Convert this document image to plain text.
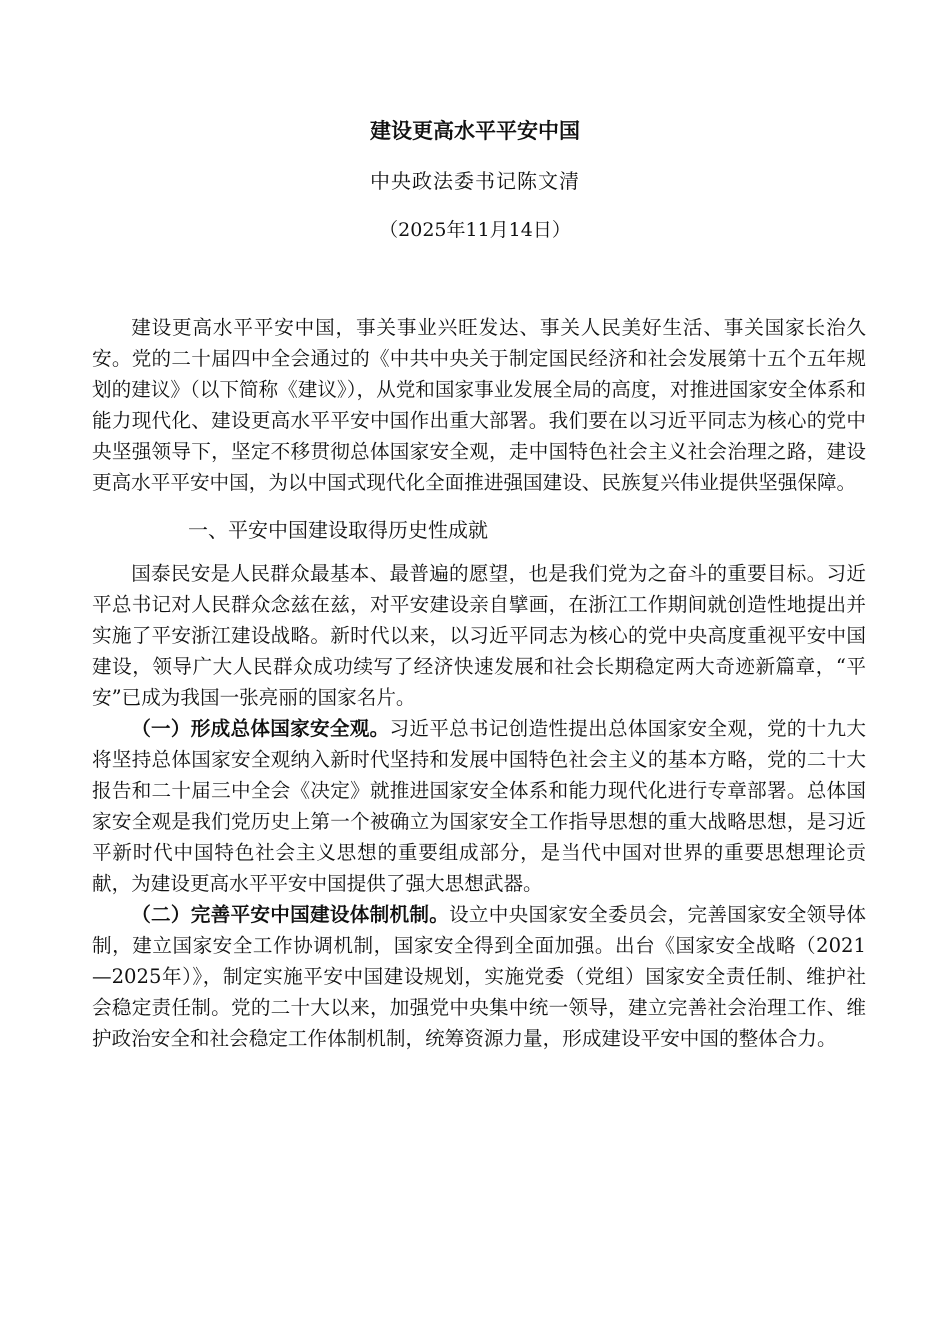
建设更高水平平安中国
中央政法委书记陈文清
（2025年11月14日）

建设更高水平平安中国，事关事业兴旺发达、事关人民美好生活、事关国家长治久安。党的二十届四中全会通过的《中共中央关于制定国民经济和社会发展第十五个五年规划的建议》（以下简称《建议》），从党和国家事业发展全局的高度，对推进国家安全体系和能力现代化、建设更高水平平安中国作出重大部署。我们要在以习近平同志为核心的党中央坚强领导下，坚定不移贯彻总体国家安全观，走中国特色社会主义社会治理之路，建设更高水平平安中国，为以中国式现代化全面推进强国建设、民族复兴伟业提供坚强保障。

一、平安中国建设取得历史性成就

国泰民安是人民群众最基本、最普遍的愿望，也是我们党为之奋斗的重要目标。习近平总书记对人民群众念兹在兹，对平安建设亲自擘画，在浙江工作期间就创造性地提出并实施了平安浙江建设战略。新时代以来，以习近平同志为核心的党中央高度重视平安中国建设，领导广大人民群众成功续写了经济快速发展和社会长期稳定两大奇迹新篇章，“平安”已成为我国一张亮丽的国家名片。

（一）形成总体国家安全观。习近平总书记创造性提出总体国家安全观，党的十九大将坚持总体国家安全观纳入新时代坚持和发展中国特色社会主义的基本方略，党的二十大报告和二十届三中全会《决定》就推进国家安全体系和能力现代化进行专章部署。总体国家安全观是我们党历史上第一个被确立为国家安全工作指导思想的重大战略思想，是习近平新时代中国特色社会主义思想的重要组成部分，是当代中国对世界的重要思想理论贡献，为建设更高水平平安中国提供了强大思想武器。

（二）完善平安中国建设体制机制。设立中央国家安全委员会，完善国家安全领导体制，建立国家安全工作协调机制，国家安全得到全面加强。出台《国家安全战略（2021—2025年）》，制定实施平安中国建设规划，实施党委（党组）国家安全责任制、维护社会稳定责任制。党的二十大以来，加强党中央集中统一领导，建立完善社会治理工作、维护政治安全和社会稳定工作体制机制，统筹资源力量，形成建设平安中国的整体合力。
